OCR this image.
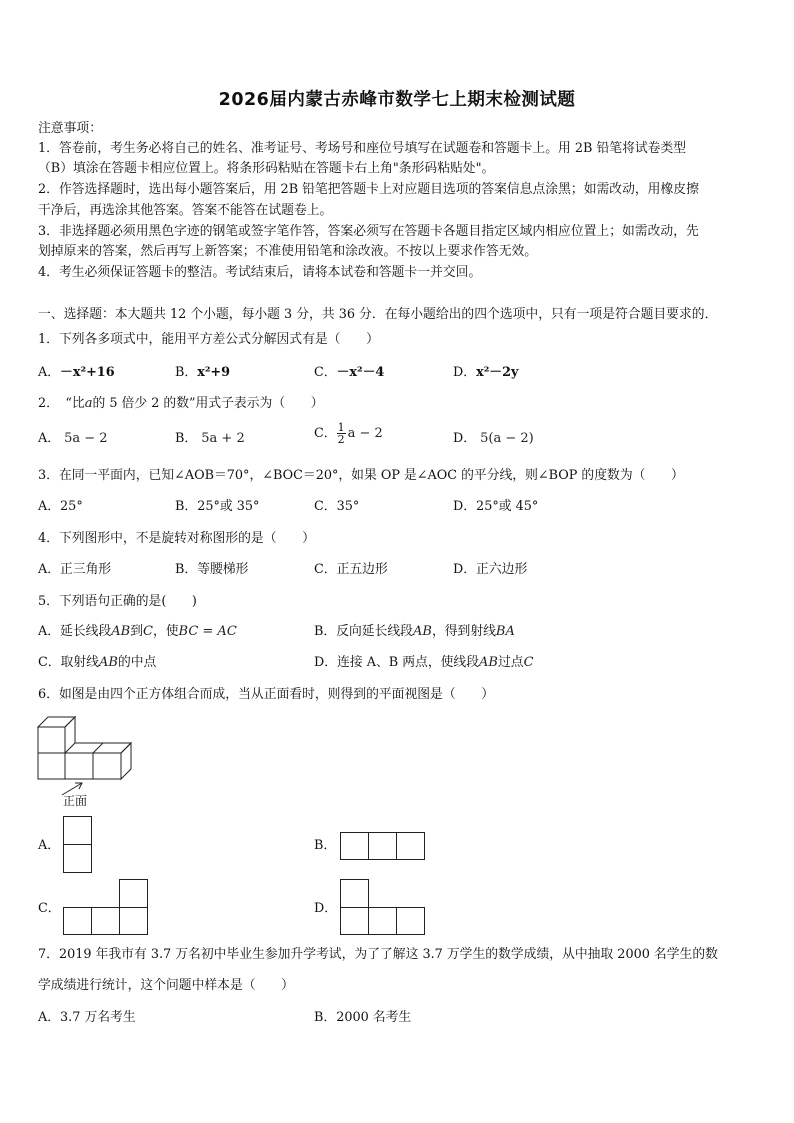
2026届内蒙古赤峰市数学七上期末检测试题
注意事项：
1．答卷前，考生务必将自己的姓名、准考证号、考场号和座位号填写在试题卷和答题卡上。用 2B 铅笔将试卷类型
（B）填涂在答题卡相应位置上。将条形码粘贴在答题卡右上角"条形码粘贴处"。
2．作答选择题时，选出每小题答案后，用 2B 铅笔把答题卡上对应题目选项的答案信息点涂黑；如需改动，用橡皮擦
干净后，再选涂其他答案。答案不能答在试题卷上。
3．非选择题必须用黑色字迹的钢笔或签字笔作答，答案必须写在答题卡各题目指定区域内相应位置上；如需改动，先
划掉原来的答案，然后再写上新答案；不准使用铅笔和涂改液。不按以上要求作答无效。
4．考生必须保证答题卡的整洁。考试结束后，请将本试卷和答题卡一并交回。
一、选择题：本大题共 12 个小题，每小题 3 分，共 36 分．在每小题给出的四个选项中，只有一项是符合题目要求的．
1．下列各多项式中，能用平方差公式分解因式有是（　　）
A．－x²+16	B．x²+9	C．－x²－4	D．x²－2y
2．　“比a的 5 倍少 2 的数”用式子表示为（　　）
A． 5a − 2	B． 5a + 2	C． $\frac{1}{2}$ a − 2	D． 5(a − 2)
3．在同一平面内，已知∠AOB＝70°，∠BOC＝20°，如果 OP 是∠AOC 的平分线，则∠BOP 的度数为（　　）
A．25°	B．25°或 35°	C．35°	D．25°或 45°
4．下列图形中，不是旋转对称图形的是（　　）
A．正三角形	B．等腰梯形	C．正五边形	D．正六边形
5．下列语句正确的是(　　)
A．延长线段AB到C，使BC = AC	B．反向延长线段AB，得到射线BA
C．取射线AB的中点	D．连接 A、B 两点，使线段AB过点C
6．如图是由四个正方体组合而成，当从正面看时，则得到的平面视图是（　　）
正面
A．	B．
C．	D．
7．2019 年我市有 3.7 万名初中毕业生参加升学考试，为了了解这 3.7 万学生的数学成绩，从中抽取 2000 名学生的数
学成绩进行统计，这个问题中样本是（　　）
A．3.7 万名考生	B．2000 名考生
